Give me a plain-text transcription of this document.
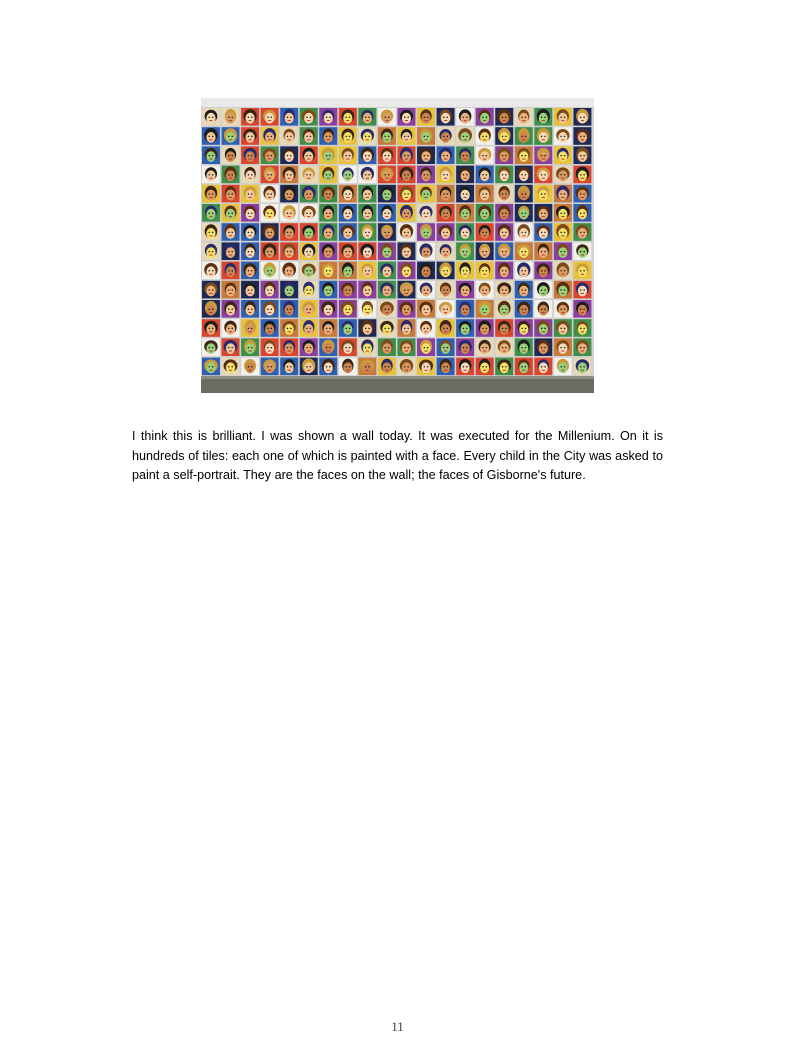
I think this is brilliant. I was shown a wall today. It was executed for the Millenium. On it is hundreds of tiles: each one of which is painted with a face. Every child in the City was asked to paint a self-portrait. They are the faces on the wall; the faces of Gisborne's future.

11
